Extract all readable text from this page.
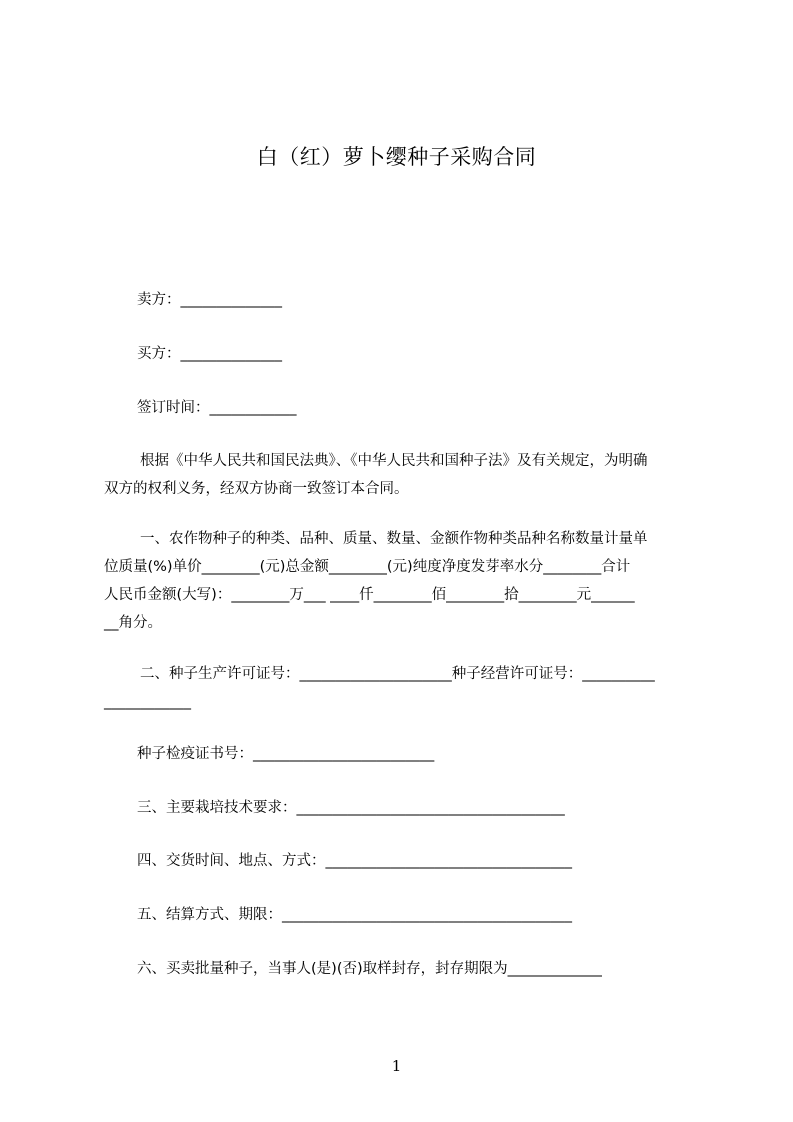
白（红）萝卜缨种子采购合同
卖方：______________
买方：______________
签订时间：____________
根据《中华人民共和国民法典》、《中华人民共和国种子法》及有关规定，为明确
双方的权利义务，经双方协商一致签订本合同。
一、农作物种子的种类、品种、质量、数量、金额作物种类品种名称数量计量单
位质量(%)单价________(元)总金额________(元)纯度净度发芽率水分________合计
人民币金额(大写)：________万___ ____仟________佰________拾________元______
__角分。
二、种子生产许可证号：_____________________种子经营许可证号：__________
____________
种子检疫证书号：_________________________
三、主要栽培技术要求：_____________________________________
四、交货时间、地点、方式：__________________________________
五、结算方式、期限：________________________________________
六、买卖批量种子，当事人(是)(否)取样封存，封存期限为_____________
1
